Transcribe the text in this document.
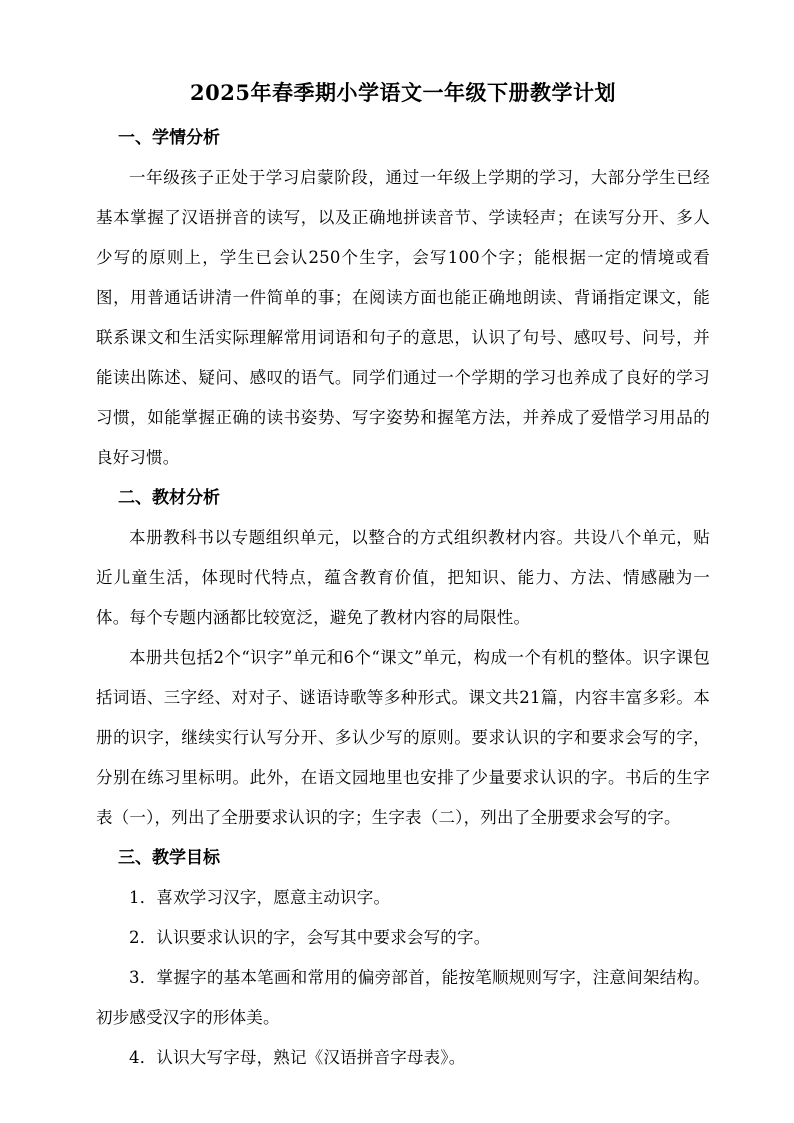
2025年春季期小学语文一年级下册教学计划
一、学情分析

一年级孩子正处于学习启蒙阶段，通过一年级上学期的学习，大部分学生已经基本掌握了汉语拼音的读写，以及正确地拼读音节、学读轻声；在读写分开、多人少写的原则上，学生已会认250个生字，会写100个字；能根据一定的情境或看图，用普通话讲清一件简单的事；在阅读方面也能正确地朗读、背诵指定课文，能联系课文和生活实际理解常用词语和句子的意思，认识了句号、感叹号、问号，并能读出陈述、疑问、感叹的语气。同学们通过一个学期的学习也养成了良好的学习习惯，如能掌握正确的读书姿势、写字姿势和握笔方法，并养成了爱惜学习用品的良好习惯。

二、教材分析

本册教科书以专题组织单元，以整合的方式组织教材内容。共设八个单元，贴近儿童生活，体现时代特点，蕴含教育价值，把知识、能力、方法、情感融为一体。每个专题内涵都比较宽泛，避免了教材内容的局限性。

本册共包括2个“识字”单元和6个“课文”单元，构成一个有机的整体。识字课包括词语、三字经、对对子、谜语诗歌等多种形式。课文共21篇，内容丰富多彩。本册的识字，继续实行认写分开、多认少写的原则。要求认识的字和要求会写的字，分别在练习里标明。此外，在语文园地里也安排了少量要求认识的字。书后的生字表（一），列出了全册要求认识的字；生字表（二），列出了全册要求会写的字。

三、教学目标

1．喜欢学习汉字，愿意主动识字。

2．认识要求认识的字，会写其中要求会写的字。

3．掌握字的基本笔画和常用的偏旁部首，能按笔顺规则写字，注意间架结构。初步感受汉字的形体美。

4．认识大写字母，熟记《汉语拼音字母表》。
